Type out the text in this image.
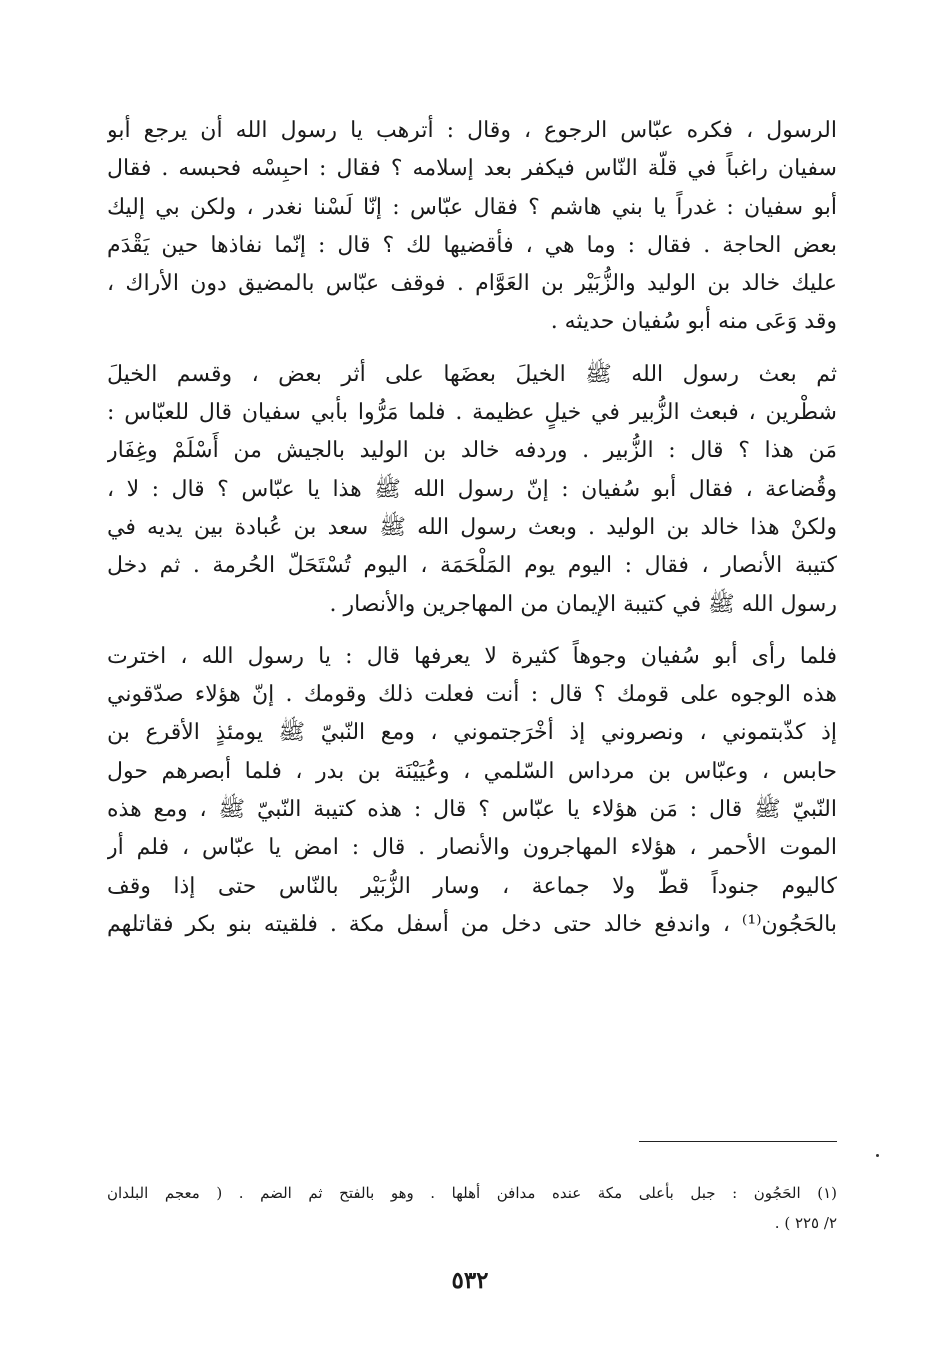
الرسول ، فكره عبّاس الرجوع ، وقال : أترهب يا رسول الله أن يرجع أبو
سفيان راغباً في قلّة النّاس فيكفر بعد إسلامه ؟ فقال : احبِسْه فحبسه . فقال
أبو سفيان : غدراً يا بني هاشم ؟ فقال عبّاس : إنّا لَسْنا نغدر ، ولكن بي إليك
بعض الحاجة . فقال : وما هي ، فأقضيها لك ؟ قال : إنّما نفاذها حين يَقْدَم
عليك خالد بن الوليد والزُّبَيْر بن العَوَّام . فوقف عبّاس بالمضيق دون الأراك ،
وقد وَعَى منه أبو سُفيان حديثه .

ثم بعث رسول الله ﷺ الخيلَ بعضَها على أثر بعض ، وقسم الخيلَ
شطْرين ، فبعث الزُّبير في خيلٍ عظيمة . فلما مَرُّوا بأبي سفيان قال للعبّاس :
مَن هذا ؟ قال : الزُّبير . وردفه خالد بن الوليد بالجيش من أَسْلَمْ وغِفَار
وقُضاعة ، فقال أبو سُفيان : إنّ رسول الله ﷺ هذا يا عبّاس ؟ قال : لا ،
ولكنْ هذا خالد بن الوليد . وبعث رسول الله ﷺ سعد بن عُبادة بين يديه في
كتيبة الأنصار ، فقال : اليوم يوم المَلْحَمَة ، اليوم تُسْتَحَلّ الحُرمة . ثم دخل
رسول الله ﷺ في كتيبة الإيمان من المهاجرين والأنصار .

فلما رأى أبو سُفيان وجوهاً كثيرة لا يعرفها قال : يا رسول الله ، اخترت
هذه الوجوه على قومك ؟ قال : أنت فعلت ذلك وقومك . إنّ هؤلاء صدّقوني
إذ كذّبتموني ، ونصروني إذ أخْرَجتموني ، ومع النّبيّ ﷺ يومئذٍ الأقرع بن
حابس ، وعبّاس بن مرداس السّلمي ، وعُيَيْنَة بن بدر ، فلما أبصرهم حول
النّبيّ ﷺ قال : مَن هؤلاء يا عبّاس ؟ قال : هذه كتيبة النّبيّ ﷺ ، ومع هذه
الموت الأحمر ، هؤلاء المهاجرون والأنصار . قال : امض يا عبّاس ، فلم أر
كاليوم جنوداً قطّ ولا جماعة ، وسار الزُّبَيْر بالنّاس حتى إذا وقف
بالحَجُون⁽¹⁾ ، واندفع خالد حتى دخل من أسفل مكة . فلقيته بنو بكر فقاتلهم

(١) الحَجُون : جبل بأعلى مكة عنده مدافن أهلها . وهو بالفتح ثم الضم . ( معجم البلدان
٢/ ٢٢٥ ) .
٥٣٢
